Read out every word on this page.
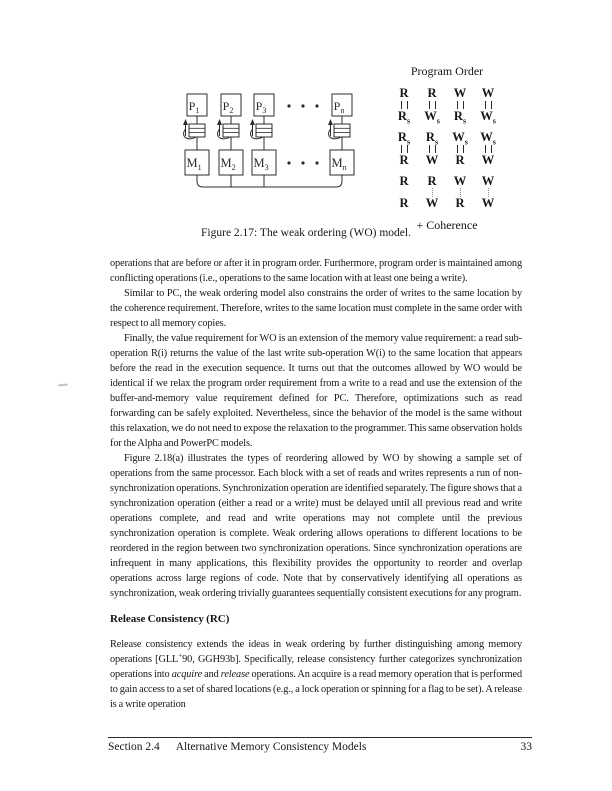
$P_1$
$M_1$
$P_2$
$M_2$
$P_3$
$M_3$
$P_n$
$M_n$
Program Order
R R W W
$R_s$ $W_s$ $R_s$ $W_s$
$R_s$ $R_s$ $W_s$ $W_s$
R W R W
R R W W
R W R W
+ Coherence
Figure 2.17: The weak ordering (WO) model.

operations that are before or after it in program order. Furthermore, program order is maintained among conflicting operations (i.e., operations to the same location with at least one being a write).

Similar to PC, the weak ordering model also constrains the order of writes to the same location by the coherence requirement. Therefore, writes to the same location must complete in the same order with respect to all memory copies.

Finally, the value requirement for WO is an extension of the memory value requirement: a read sub-operation R(i) returns the value of the last write sub-operation W(i) to the same location that appears before the read in the execution sequence. It turns out that the outcomes allowed by WO would be identical if we relax the program order requirement from a write to a read and use the extension of the buffer-and-memory value requirement defined for PC. Therefore, optimizations such as read forwarding can be safely exploited. Nevertheless, since the behavior of the model is the same without this relaxation, we do not need to expose the relaxation to the programmer. This same observation holds for the Alpha and PowerPC models.

Figure 2.18(a) illustrates the types of reordering allowed by WO by showing a sample set of operations from the same processor. Each block with a set of reads and writes represents a run of non-synchronization operations. Synchronization operation are identified separately. The figure shows that a synchronization operation (either a read or a write) must be delayed until all previous read and write operations complete, and read and write operations may not complete until the previous synchronization operation is complete. Weak ordering allows operations to different locations to be reordered in the region between two synchronization operations. Since synchronization operations are infrequent in many applications, this flexibility provides the opportunity to reorder and overlap operations across large regions of code. Note that by conservatively identifying all operations as synchronization, weak ordering trivially guarantees sequentially consistent executions for any program.

Release Consistency (RC)

Release consistency extends the ideas in weak ordering by further distinguishing among memory operations [GLL+90, GGH93b]. Specifically, release consistency further categorizes synchronization operations into acquire and release operations. An acquire is a read memory operation that is performed to gain access to a set of shared locations (e.g., a lock operation or spinning for a flag to be set). A release is a write operation

Section 2.4 Alternative Memory Consistency Models	33
